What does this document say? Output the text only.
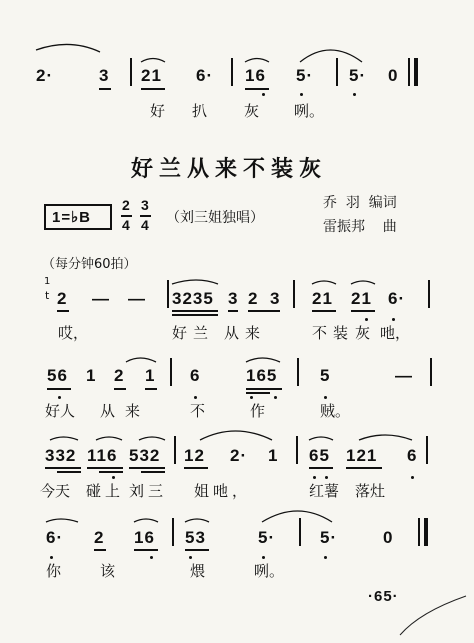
2·	3 21 6· 16 5· 5· 0
好 扒 灰 咧。
好兰从来不装灰
1=♭B
2
4
3
4 （刘三姐独唱）
乔  羽  编词
雷振邦    曲
（每分钟60拍）
1
t 2 — — 3235 3 2 3 21 21 6·
哎，	好兰 从来	不装 灰 吔，
56 1 2 1 6	165	5	—
好人 从来	不	作	贼。
332 116 532 12 2· 1 65 121 6
今天 碰上 刘三 姐吔，	红薯 落灶
6· 2 16 53	5·	5·	0
你	该	煨	咧。
·65·
